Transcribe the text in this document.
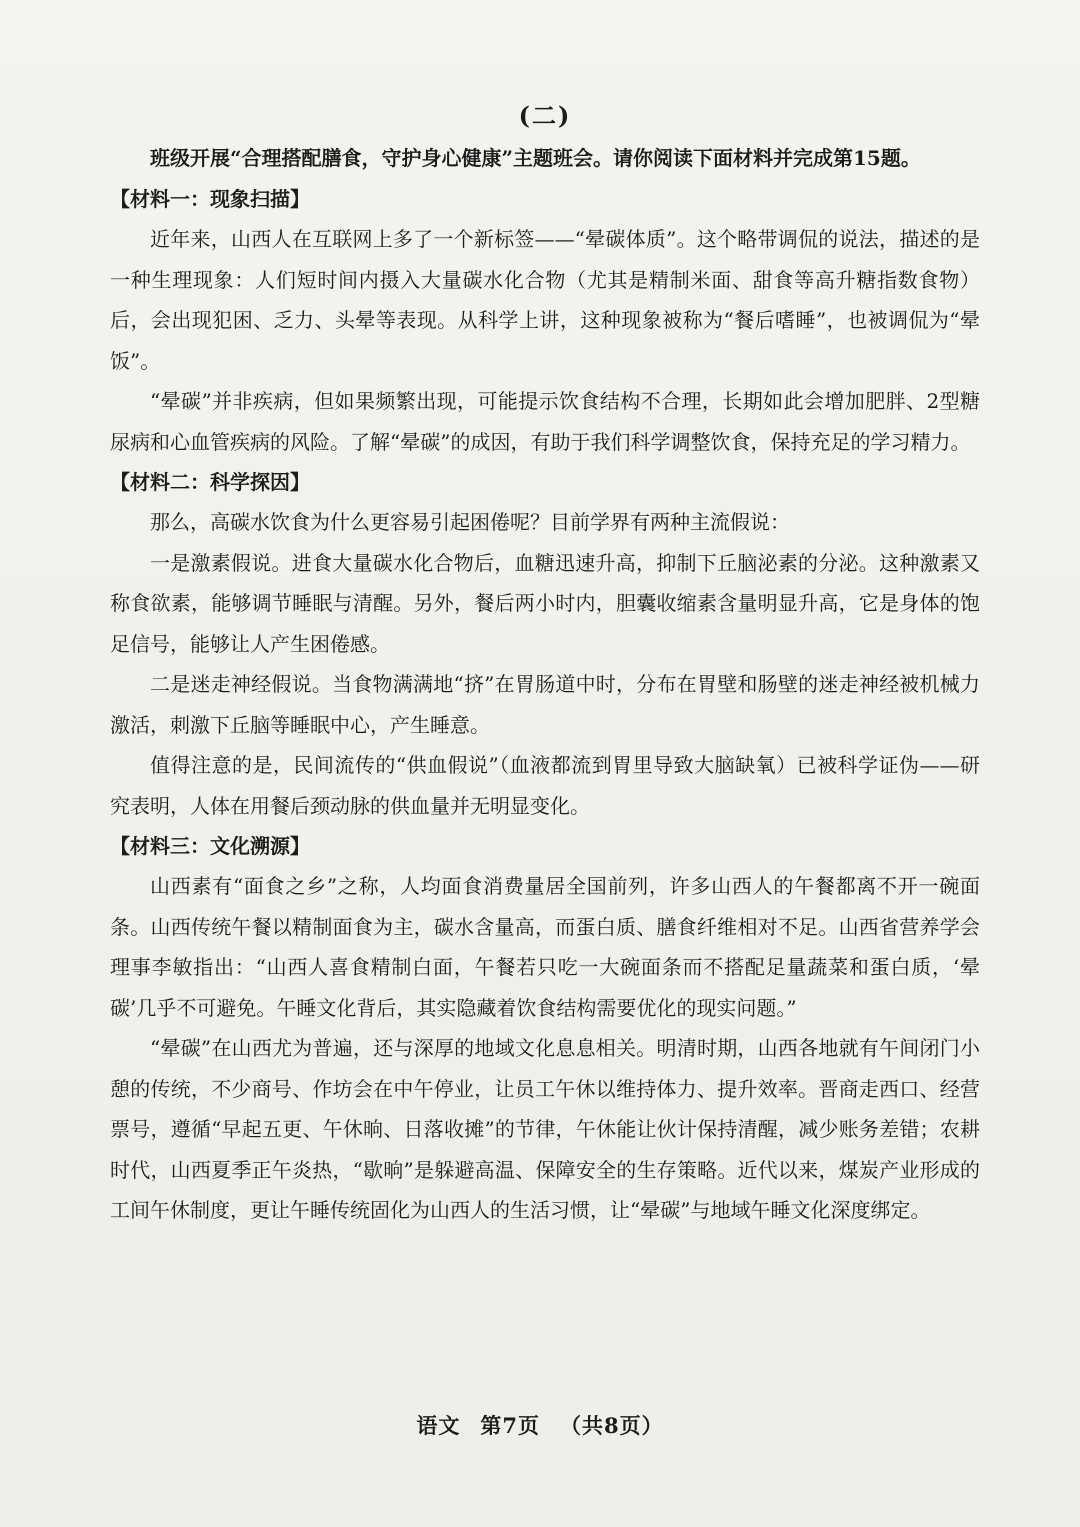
(二)

班级开展“合理搭配膳食，守护身心健康”主题班会。请你阅读下面材料并完成第15题。

【材料一：现象扫描】

近年来，山西人在互联网上多了一个新标签——“晕碳体质”。这个略带调侃的说法，描述的是一种生理现象：人们短时间内摄入大量碳水化合物（尤其是精制米面、甜食等高升糖指数食物）后，会出现犯困、乏力、头晕等表现。从科学上讲，这种现象被称为“餐后嗜睡”，也被调侃为“晕饭”。

“晕碳”并非疾病，但如果频繁出现，可能提示饮食结构不合理，长期如此会增加肥胖、2型糖尿病和心血管疾病的风险。了解“晕碳”的成因，有助于我们科学调整饮食，保持充足的学习精力。

【材料二：科学探因】

那么，高碳水饮食为什么更容易引起困倦呢？目前学界有两种主流假说：

一是激素假说。进食大量碳水化合物后，血糖迅速升高，抑制下丘脑泌素的分泌。这种激素又称食欲素，能够调节睡眠与清醒。另外，餐后两小时内，胆囊收缩素含量明显升高，它是身体的饱足信号，能够让人产生困倦感。

二是迷走神经假说。当食物满满地“挤”在胃肠道中时，分布在胃壁和肠壁的迷走神经被机械力激活，刺激下丘脑等睡眠中心，产生睡意。

值得注意的是，民间流传的“供血假说”（血液都流到胃里导致大脑缺氧）已被科学证伪——研究表明，人体在用餐后颈动脉的供血量并无明显变化。

【材料三：文化溯源】

山西素有“面食之乡”之称，人均面食消费量居全国前列，许多山西人的午餐都离不开一碗面条。山西传统午餐以精制面食为主，碳水含量高，而蛋白质、膳食纤维相对不足。山西省营养学会理事李敏指出：“山西人喜食精制白面，午餐若只吃一大碗面条而不搭配足量蔬菜和蛋白质，‘晕碳’几乎不可避免。午睡文化背后，其实隐藏着饮食结构需要优化的现实问题。”

“晕碳”在山西尤为普遍，还与深厚的地域文化息息相关。明清时期，山西各地就有午间闭门小憩的传统，不少商号、作坊会在中午停业，让员工午休以维持体力、提升效率。晋商走西口、经营票号，遵循“早起五更、午休晌、日落收摊”的节律，午休能让伙计保持清醒，减少账务差错；农耕时代，山西夏季正午炎热，“歇晌”是躲避高温、保障安全的生存策略。近代以来，煤炭产业形成的工间午休制度，更让午睡传统固化为山西人的生活习惯，让“晕碳”与地域午睡文化深度绑定。

语文 第7页 （共8页）
